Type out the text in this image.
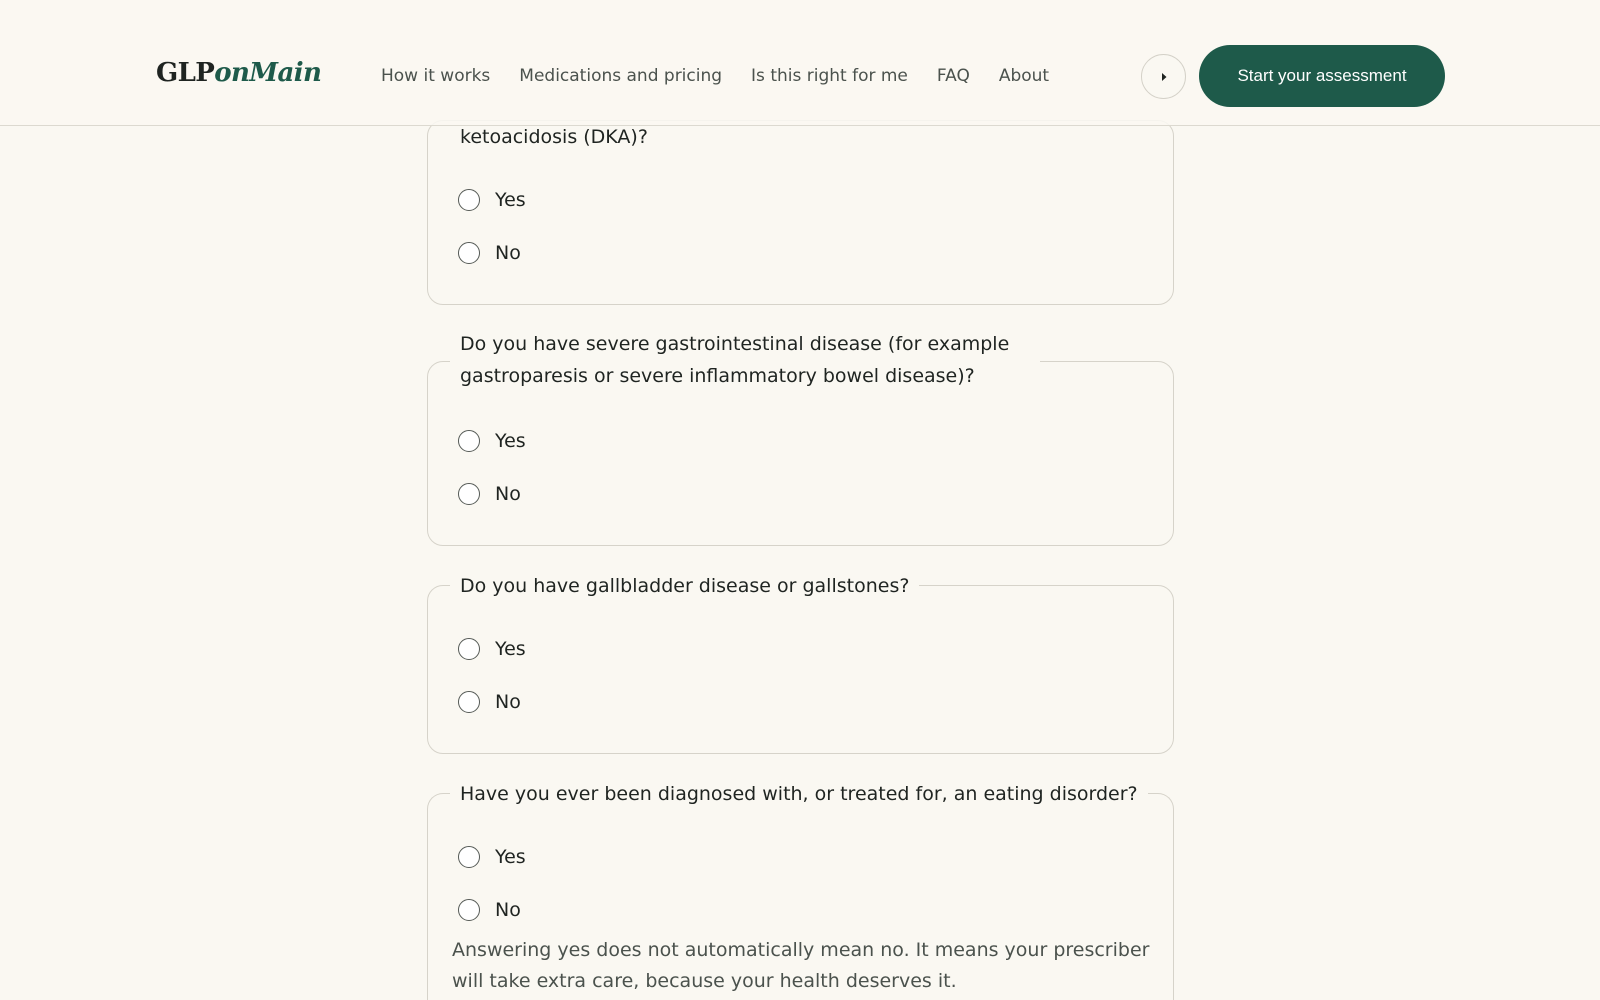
GLPonMain	How it works Medications and pricing Is this right for me FAQ About	Start your assessment
ketoacidosis (DKA)?
Yes
No
Do you have severe gastrointestinal disease (for example gastroparesis or severe inflammatory bowel disease)?
Yes
No
Do you have gallbladder disease or gallstones?
Yes
No
Have you ever been diagnosed with, or treated for, an eating disorder?
Yes
No

Answering yes does not automatically mean no. It means your prescriber will take extra care, because your health deserves it.
